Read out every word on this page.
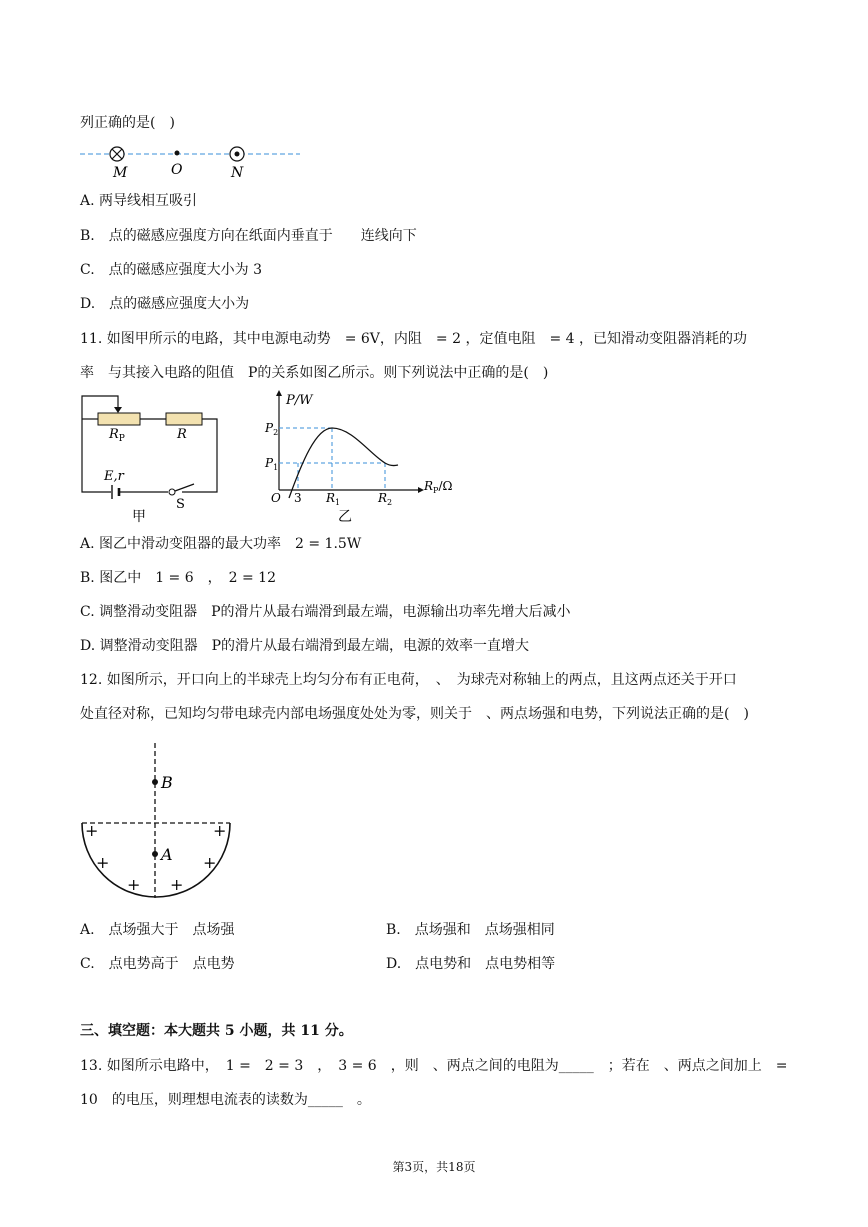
列正确的是(　)
M	O	N
A. 两导线相互吸引
B.　点的磁感应强度方向在纸面内垂直于　　连线向下
C.　点的磁感应强度大小为 3
D.　点的磁感应强度大小为
11. 如图甲所示的电路，其中电源电动势　= 6V，内阻　= 2 ，定值电阻　= 4 ，已知滑动变阻器消耗的功
率　与其接入电路的阻值　P的关系如图乙所示。则下列说法中正确的是(　)
$R_P$	R
E,r
S
甲
P/W
$P_2$
$P_1$
O 3 $R_1$	$R_2$
$R_P/\Omega$
乙
A. 图乙中滑动变阻器的最大功率　2 = 1.5W
B. 图乙中　1 = 6　，　2 = 12
C. 调整滑动变阻器　P的滑片从最右端滑到最左端，电源输出功率先增大后减小
D. 调整滑动变阻器　P的滑片从最右端滑到最左端，电源的效率一直增大
12. 如图所示，开口向上的半球壳上均匀分布有正电荷，　、　为球壳对称轴上的两点，且这两点还关于开口
处直径对称，已知均匀带电球壳内部电场强度处处为零，则关于　、两点场强和电势，下列说法正确的是(　)
B
A
+	+
+	+
+ +
A.　点场强大于　点场强	B.　点场强和　点场强相同
C.　点电势高于　点电势	D.　点电势和　点电势相等
三、填空题：本大题共 5 小题，共 11 分。
13. 如图所示电路中，　1 =　2 = 3　，　3 = 6　，则　、两点之间的电阻为_____　；若在　、两点之间加上　=
10　的电压，则理想电流表的读数为_____　。
第3页，共18页
